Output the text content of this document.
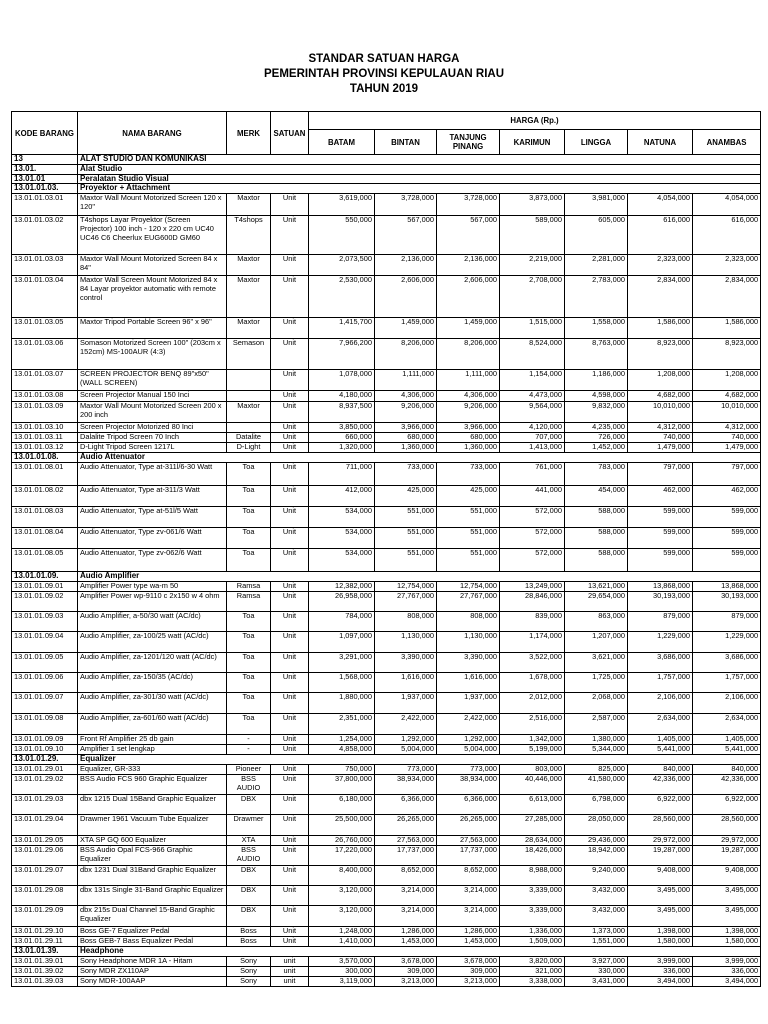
STANDAR SATUAN HARGA
PEMERINTAH PROVINSI KEPULAUAN RIAU
TAHUN 2019
KODE BARANG	NAMA BARANG	MERK	SATUAN	HARGA (Rp.)						
				BATAM	BINTAN	TANJUNG PINANG	KARIMUN	LINGGA	NATUNA	ANAMBAS
13	ALAT STUDIO DAN KOMUNIKASI									
13.01.	Alat Studio									
13.01.01	Peralatan Studio Visual									
13.01.01.03.	Proyektor + Attachment									
13.01.01.03.01	Maxtor Wall Mount Motorized Screen 120 x 120"	Maxtor	Unit	3,619,000	3,728,000	3,728,000	3,873,000	3,981,000	4,054,000	4,054,000
13.01.01.03.02	T4shops Layar Proyektor (Screen Projector) 100 inch - 120 x 220 cm UC40 UC46 C6 Cheerlux EUG600D GM60	T4shops	Unit	550,000	567,000	567,000	589,000	605,000	616,000	616,000
13.01.01.03.03	Maxtor Wall Mount Motorized Screen 84 x 84"	Maxtor	Unit	2,073,500	2,136,000	2,136,000	2,219,000	2,281,000	2,323,000	2,323,000
13.01.01.03.04	Maxtor Wall Screen Mount Motorized 84 x 84 Layar proyektor automatic with remote control	Maxtor	Unit	2,530,000	2,606,000	2,606,000	2,708,000	2,783,000	2,834,000	2,834,000
13.01.01.03.05	Maxtor Tripod Portable Screen 96" x 96"	Maxtor	Unit	1,415,700	1,459,000	1,459,000	1,515,000	1,558,000	1,586,000	1,586,000
13.01.01.03.06	Somason Motorized Screen 100" (203cm x 152cm) MS-100AUR (4:3)	Semason	Unit	7,966,200	8,206,000	8,206,000	8,524,000	8,763,000	8,923,000	8,923,000
13.01.01.03.07	SCREEN PROJECTOR BENQ 89"x50" (WALL SCREEN)		Unit	1,078,000	1,111,000	1,111,000	1,154,000	1,186,000	1,208,000	1,208,000
13.01.01.03.08	Screen Projector Manual 150 Inci		Unit	4,180,000	4,306,000	4,306,000	4,473,000	4,598,000	4,682,000	4,682,000
13.01.01.03.09	Maxtor Wall Mount Motorized Screen 200 x 200 inch	Maxtor	Unit	8,937,500	9,206,000	9,206,000	9,564,000	9,832,000	10,010,000	10,010,000
13.01.01.03.10	Screen Projector Motorized 80 Inci		Unit	3,850,000	3,966,000	3,966,000	4,120,000	4,235,000	4,312,000	4,312,000
13.01.01.03.11	Dalalite Tripod Screen 70 Inch	Datalite	Unit	660,000	680,000	680,000	707,000	726,000	740,000	740,000
13.01.01.03.12	D-Light Tripod Screen 1217L	D-Light	Unit	1,320,000	1,360,000	1,360,000	1,413,000	1,452,000	1,479,000	1,479,000
13.01.01.08.	Audio Attenuator									
13.01.01.08.01	Audio Attenuator, Type at-311l/6-30 Watt	Toa	Unit	711,000	733,000	733,000	761,000	783,000	797,000	797,000
13.01.01.08.02	Audio Attenuator, Type at-311/3 Watt	Toa	Unit	412,000	425,000	425,000	441,000	454,000	462,000	462,000
13.01.01.08.03	Audio Attenuator, Type at-51l/5 Watt	Toa	Unit	534,000	551,000	551,000	572,000	588,000	599,000	599,000
13.01.01.08.04	Audio Attenuator, Type zv-061/6 Watt	Toa	Unit	534,000	551,000	551,000	572,000	588,000	599,000	599,000
13.01.01.08.05	Audio Attenuator, Type zv-062/6 Watt	Toa	Unit	534,000	551,000	551,000	572,000	588,000	599,000	599,000
13.01.01.09.	Audio Amplifier									
13.01.01.09.01	Amplifier Power type wa-m 50	Ramsa	Unit	12,382,000	12,754,000	12,754,000	13,249,000	13,621,000	13,868,000	13,868,000
13.01.01.09.02	Amplifier Power wp-9110 c 2x150 w 4 ohm	Ramsa	Unit	26,958,000	27,767,000	27,767,000	28,846,000	29,654,000	30,193,000	30,193,000
13.01.01.09.03	Audio Amplifier, a-50/30 watt (AC/dc)	Toa	Unit	784,000	808,000	808,000	839,000	863,000	879,000	879,000
13.01.01.09.04	Audio Amplifier, za-100/25 watt (AC/dc)	Toa	Unit	1,097,000	1,130,000	1,130,000	1,174,000	1,207,000	1,229,000	1,229,000
13.01.01.09.05	Audio Amplifier, za-1201/120 watt (AC/dc)	Toa	Unit	3,291,000	3,390,000	3,390,000	3,522,000	3,621,000	3,686,000	3,686,000
13.01.01.09.06	Audio Amplifier, za-150/35 (AC/dc)	Toa	Unit	1,568,000	1,616,000	1,616,000	1,678,000	1,725,000	1,757,000	1,757,000
13.01.01.09.07	Audio Amplifier, za-301/30 watt (AC/dc)	Toa	Unit	1,880,000	1,937,000	1,937,000	2,012,000	2,068,000	2,106,000	2,106,000
13.01.01.09.08	Audio Amplifier, za-601/60 watt (AC/dc)	Toa	Unit	2,351,000	2,422,000	2,422,000	2,516,000	2,587,000	2,634,000	2,634,000
13.01.01.09.09	Front Rf Amplifier 25 db gain	-	Unit	1,254,000	1,292,000	1,292,000	1,342,000	1,380,000	1,405,000	1,405,000
13.01.01.09.10	Amplifier 1 set lengkap	-	Unit	4,858,000	5,004,000	5,004,000	5,199,000	5,344,000	5,441,000	5,441,000
13.01.01.29.	Equalizer									
13.01.01.29.01	Equalizer, GR-333	Pioneer	Unit	750,000	773,000	773,000	803,000	825,000	840,000	840,000
13.01.01.29.02	BSS Audio FCS 960 Graphic Equalizer	BSS AUDIO	Unit	37,800,000	38,934,000	38,934,000	40,446,000	41,580,000	42,336,000	42,336,000
13.01.01.29.03	dbx 1215 Dual 15Band Graphic Equalizer	DBX	Unit	6,180,000	6,366,000	6,366,000	6,613,000	6,798,000	6,922,000	6,922,000
13.01.01.29.04	Drawmer 1961 Vacuum Tube Equalizer	Drawmer	Unit	25,500,000	26,265,000	26,265,000	27,285,000	28,050,000	28,560,000	28,560,000
13.01.01.29.05	XTA SP GQ 600 Equalizer	XTA	Unit	26,760,000	27,563,000	27,563,000	28,634,000	29,436,000	29,972,000	29,972,000
13.01.01.29.06	BSS Audio Opal FCS-966 Graphic Equalizer	BSS AUDIO	Unit	17,220,000	17,737,000	17,737,000	18,426,000	18,942,000	19,287,000	19,287,000
13.01.01.29.07	dbx 1231 Dual 31Band Graphic Equalizer	DBX	Unit	8,400,000	8,652,000	8,652,000	8,988,000	9,240,000	9,408,000	9,408,000
13.01.01.29.08	dbx 131s Single 31-Band Graphic Equalizer	DBX	Unit	3,120,000	3,214,000	3,214,000	3,339,000	3,432,000	3,495,000	3,495,000
13.01.01.29.09	dbx 215s Dual Channel 15-Band Graphic Equalizer	DBX	Unit	3,120,000	3,214,000	3,214,000	3,339,000	3,432,000	3,495,000	3,495,000
13.01.01.29.10	Boss GE-7 Equalizer Pedal	Boss	Unit	1,248,000	1,286,000	1,286,000	1,336,000	1,373,000	1,398,000	1,398,000
13.01.01.29.11	Boss GEB-7 Bass Equalizer Pedal	Boss	Unit	1,410,000	1,453,000	1,453,000	1,509,000	1,551,000	1,580,000	1,580,000
13.01.01.39.	Headphone									
13.01.01.39.01	Sony Headphone MDR 1A - Hitam	Sony	unit	3,570,000	3,678,000	3,678,000	3,820,000	3,927,000	3,999,000	3,999,000
13.01.01.39.02	Sony MDR ZX110AP	Sony	unit	300,000	309,000	309,000	321,000	330,000	336,000	336,000
13.01.01.39.03	Sony MDR-100AAP	Sony	unit	3,119,000	3,213,000	3,213,000	3,338,000	3,431,000	3,494,000	3,494,000
